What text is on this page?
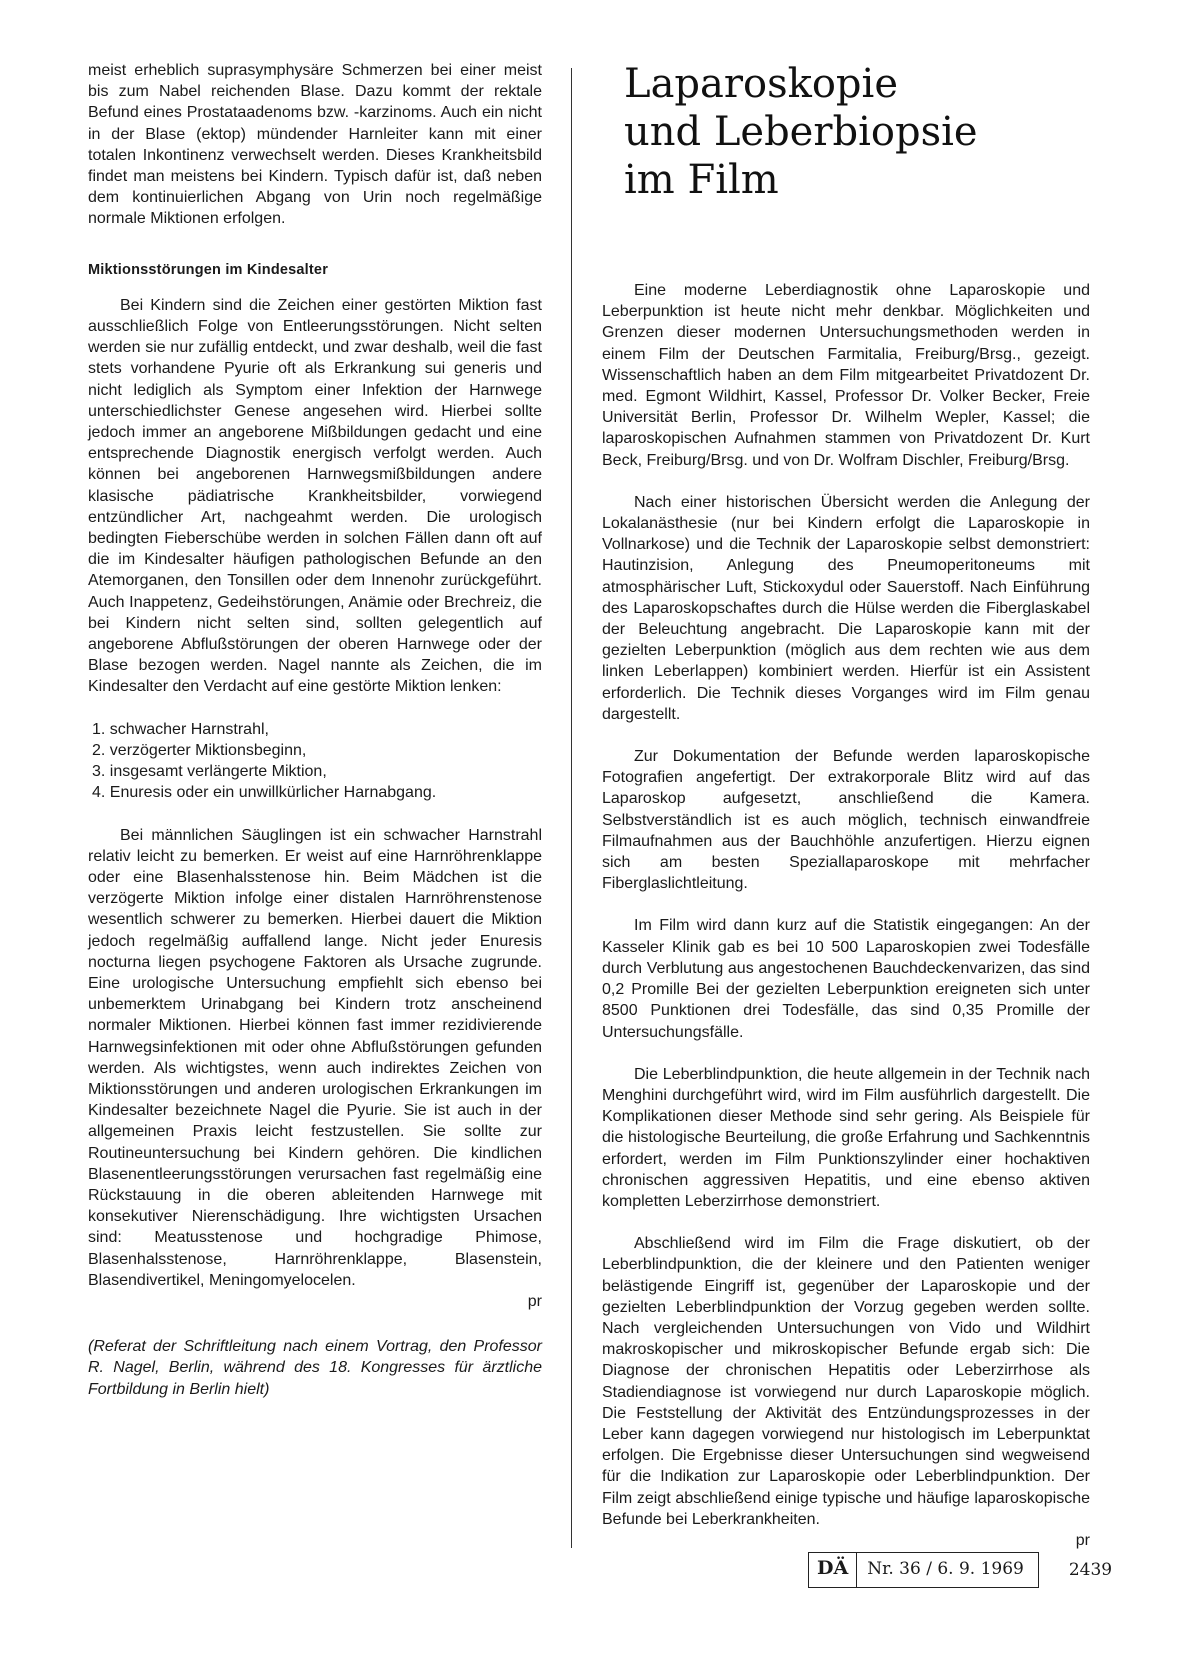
meist erheblich suprasymphysäre Schmerzen bei einer meist bis zum Nabel reichenden Blase. Dazu kommt der rektale Befund eines Prostataadenoms bzw. -karzinoms. Auch ein nicht in der Blase (ektop) mündender Harnleiter kann mit einer totalen Inkontinenz verwechselt werden. Dieses Krankheitsbild findet man meistens bei Kindern. Typisch dafür ist, daß neben dem kontinuierlichen Abgang von Urin noch regelmäßige normale Miktionen erfolgen.

Miktionsstörungen im Kindesalter

Bei Kindern sind die Zeichen einer gestörten Miktion fast ausschließlich Folge von Entleerungsstörungen. Nicht selten werden sie nur zufällig entdeckt, und zwar deshalb, weil die fast stets vorhandene Pyurie oft als Erkrankung sui generis und nicht lediglich als Symptom einer Infektion der Harnwege unterschiedlichster Genese angesehen wird. Hierbei sollte jedoch immer an angeborene Mißbildungen gedacht und eine entsprechende Diagnostik energisch verfolgt werden. Auch können bei angeborenen Harnwegsmißbildungen andere klasische pädiatrische Krankheitsbilder, vorwiegend entzündlicher Art, nachgeahmt werden. Die urologisch bedingten Fieberschübe werden in solchen Fällen dann oft auf die im Kindesalter häufigen pathologischen Befunde an den Atemorganen, den Tonsillen oder dem Innenohr zurückgeführt. Auch Inappetenz, Gedeihstörungen, Anämie oder Brechreiz, die bei Kindern nicht selten sind, sollten gelegentlich auf angeborene Abflußstörungen der oberen Harnwege oder der Blase bezogen werden. Nagel nannte als Zeichen, die im Kindesalter den Verdacht auf eine gestörte Miktion lenken:

1. schwacher Harnstrahl,
2. verzögerter Miktionsbeginn,
3. insgesamt verlängerte Miktion,
4. Enuresis oder ein unwillkürlicher Harnabgang.

Bei männlichen Säuglingen ist ein schwacher Harnstrahl relativ leicht zu bemerken. Er weist auf eine Harnröhrenklappe oder eine Blasenhalsstenose hin. Beim Mädchen ist die verzögerte Miktion infolge einer distalen Harnröhrenstenose wesentlich schwerer zu bemerken. Hierbei dauert die Miktion jedoch regelmäßig auffallend lange. Nicht jeder Enuresis nocturna liegen psychogene Faktoren als Ursache zugrunde. Eine urologische Untersuchung empfiehlt sich ebenso bei unbemerktem Urinabgang bei Kindern trotz anscheinend normaler Miktionen. Hierbei können fast immer rezidivierende Harnwegsinfektionen mit oder ohne Abflußstörungen gefunden werden. Als wichtigstes, wenn auch indirektes Zeichen von Miktionsstörungen und anderen urologischen Erkrankungen im Kindesalter bezeichnete Nagel die Pyurie. Sie ist auch in der allgemeinen Praxis leicht festzustellen. Sie sollte zur Routineuntersuchung bei Kindern gehören. Die kindlichen Blasenentleerungsstörungen verursachen fast regelmäßig eine Rückstauung in die oberen ableitenden Harnwege mit konsekutiver Nierenschädigung. Ihre wichtigsten Ursachen sind: Meatusstenose und hochgradige Phimose, Blasenhalsstenose, Harnröhrenklappe, Blasenstein, Blasendivertikel, Meningomyelocelen.

pr

(Referat der Schriftleitung nach einem Vortrag, den Professor R. Nagel, Berlin, während des 18. Kongresses für ärztliche Fortbildung in Berlin hielt)

Laparoskopie
und Leberbiopsie
im Film

Eine moderne Leberdiagnostik ohne Laparoskopie und Leberpunktion ist heute nicht mehr denkbar. Möglichkeiten und Grenzen dieser modernen Untersuchungsmethoden werden in einem Film der Deutschen Farmitalia, Freiburg/Brsg., gezeigt. Wissenschaftlich haben an dem Film mitgearbeitet Privatdozent Dr. med. Egmont Wildhirt, Kassel, Professor Dr. Volker Becker, Freie Universität Berlin, Professor Dr. Wilhelm Wepler, Kassel; die laparoskopischen Aufnahmen stammen von Privatdozent Dr. Kurt Beck, Freiburg/Brsg. und von Dr. Wolfram Dischler, Freiburg/Brsg.

Nach einer historischen Übersicht werden die Anlegung der Lokalanästhesie (nur bei Kindern erfolgt die Laparoskopie in Vollnarkose) und die Technik der Laparoskopie selbst demonstriert: Hautinzision, Anlegung des Pneumoperitoneums mit atmosphärischer Luft, Stickoxydul oder Sauerstoff. Nach Einführung des Laparoskopschaftes durch die Hülse werden die Fiberglaskabel der Beleuchtung angebracht. Die Laparoskopie kann mit der gezielten Leberpunktion (möglich aus dem rechten wie aus dem linken Leberlappen) kombiniert werden. Hierfür ist ein Assistent erforderlich. Die Technik dieses Vorganges wird im Film genau dargestellt.

Zur Dokumentation der Befunde werden laparoskopische Fotografien angefertigt. Der extrakorporale Blitz wird auf das Laparoskop aufgesetzt, anschließend die Kamera. Selbstverständlich ist es auch möglich, technisch einwandfreie Filmaufnahmen aus der Bauchhöhle anzufertigen. Hierzu eignen sich am besten Speziallaparoskope mit mehrfacher Fiberglaslichtleitung.

Im Film wird dann kurz auf die Statistik eingegangen: An der Kasseler Klinik gab es bei 10 500 Laparoskopien zwei Todesfälle durch Verblutung aus angestochenen Bauchdeckenvarizen, das sind 0,2 Promille Bei der gezielten Leberpunktion ereigneten sich unter 8500 Punktionen drei Todesfälle, das sind 0,35 Promille der Untersuchungsfälle.

Die Leberblindpunktion, die heute allgemein in der Technik nach Menghini durchgeführt wird, wird im Film ausführlich dargestellt. Die Komplikationen dieser Methode sind sehr gering. Als Beispiele für die histologische Beurteilung, die große Erfahrung und Sachkenntnis erfordert, werden im Film Punktionszylinder einer hochaktiven chronischen aggressiven Hepatitis, und eine ebenso aktiven kompletten Leberzirrhose demonstriert.

Abschließend wird im Film die Frage diskutiert, ob der Leberblindpunktion, die der kleinere und den Patienten weniger belästigende Eingriff ist, gegenüber der Laparoskopie und der gezielten Leberblindpunktion der Vorzug gegeben werden sollte. Nach vergleichenden Untersuchungen von Vido und Wildhirt makroskopischer und mikroskopischer Befunde ergab sich: Die Diagnose der chronischen Hepatitis oder Leberzirrhose als Stadiendiagnose ist vorwiegend nur durch Laparoskopie möglich. Die Feststellung der Aktivität des Entzündungsprozesses in der Leber kann dagegen vorwiegend nur histologisch im Leberpunktat erfolgen. Die Ergebnisse dieser Untersuchungen sind wegweisend für die Indikation zur Laparoskopie oder Leberblindpunktion. Der Film zeigt abschließend einige typische und häufige laparoskopische Befunde bei Leberkrankheiten.

pr
DÄ	Nr. 36 / 6. 9. 1969	2439
